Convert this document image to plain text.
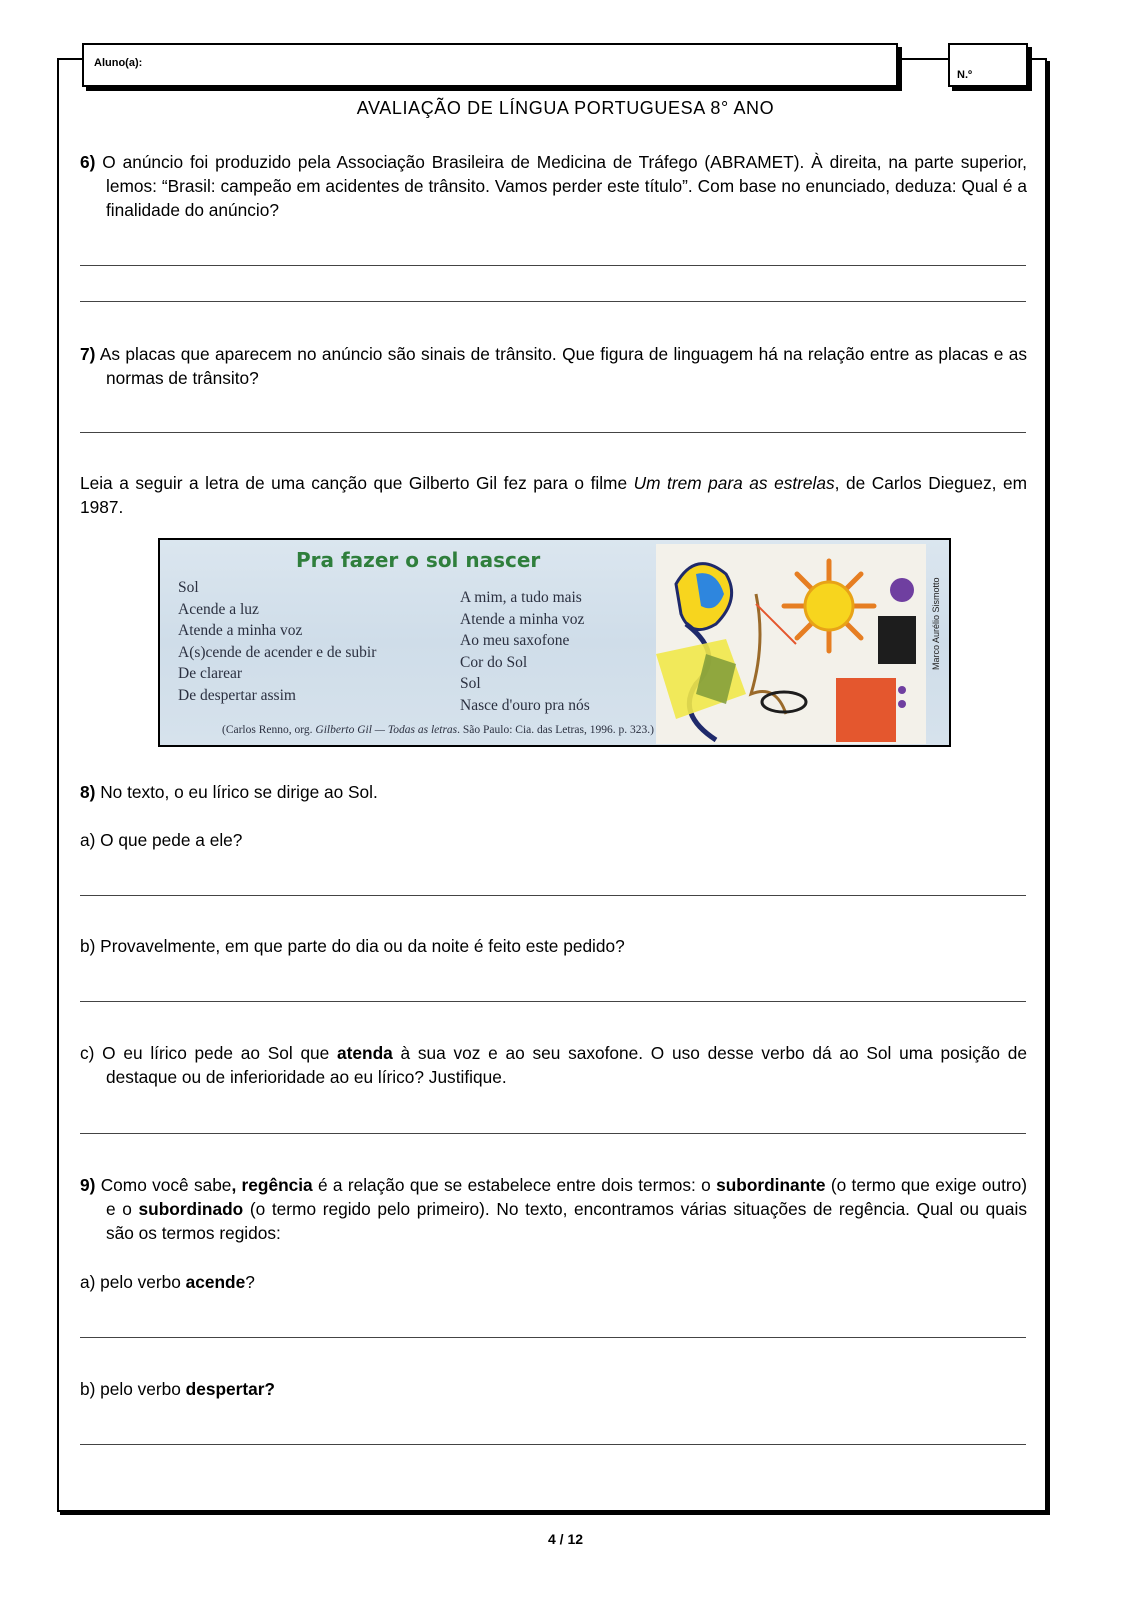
Aluno(a):
N.º
AVALIAÇÃO DE LÍNGUA PORTUGUESA 8° ANO
6) O anúncio foi produzido pela Associação Brasileira de Medicina de Tráfego (ABRAMET). À direita, na parte superior, lemos: “Brasil: campeão em acidentes de trânsito. Vamos perder este título”. Com base no enunciado, deduza: Qual é a finalidade do anúncio?
7) As placas que aparecem no anúncio são sinais de trânsito. Que figura de linguagem há na relação entre as placas e as normas de trânsito?
Leia a seguir a letra de uma canção que Gilberto Gil fez para o filme Um trem para as estrelas, de Carlos Dieguez, em 1987.
Pra fazer o sol nascer
Sol
Acende a luz
Atende a minha voz
A(s)cende de acender e de subir
De clarear
De despertar assim
A mim, a tudo mais
Atende a minha voz
Ao meu saxofone
Cor do Sol
Sol
Nasce d'ouro pra nós
(Carlos Renno, org. Gilberto Gil — Todas as letras. São Paulo: Cia. das Letras, 1996. p. 323.)
Marco Aurélio Sismotto
8) No texto, o eu lírico se dirige ao Sol.
a) O que pede a ele?
b) Provavelmente, em que parte do dia ou da noite é feito este pedido?
c) O eu lírico pede ao Sol que atenda à sua voz e ao seu saxofone. O uso desse verbo dá ao Sol uma posição de destaque ou de inferioridade ao eu lírico? Justifique.
9) Como você sabe, regência é a relação que se estabelece entre dois termos: o subordinante (o termo que exige outro) e o subordinado (o termo regido pelo primeiro). No texto, encontramos várias situações de regência. Qual ou quais são os termos regidos:
a) pelo verbo acende?
b) pelo verbo despertar?
4 / 12
